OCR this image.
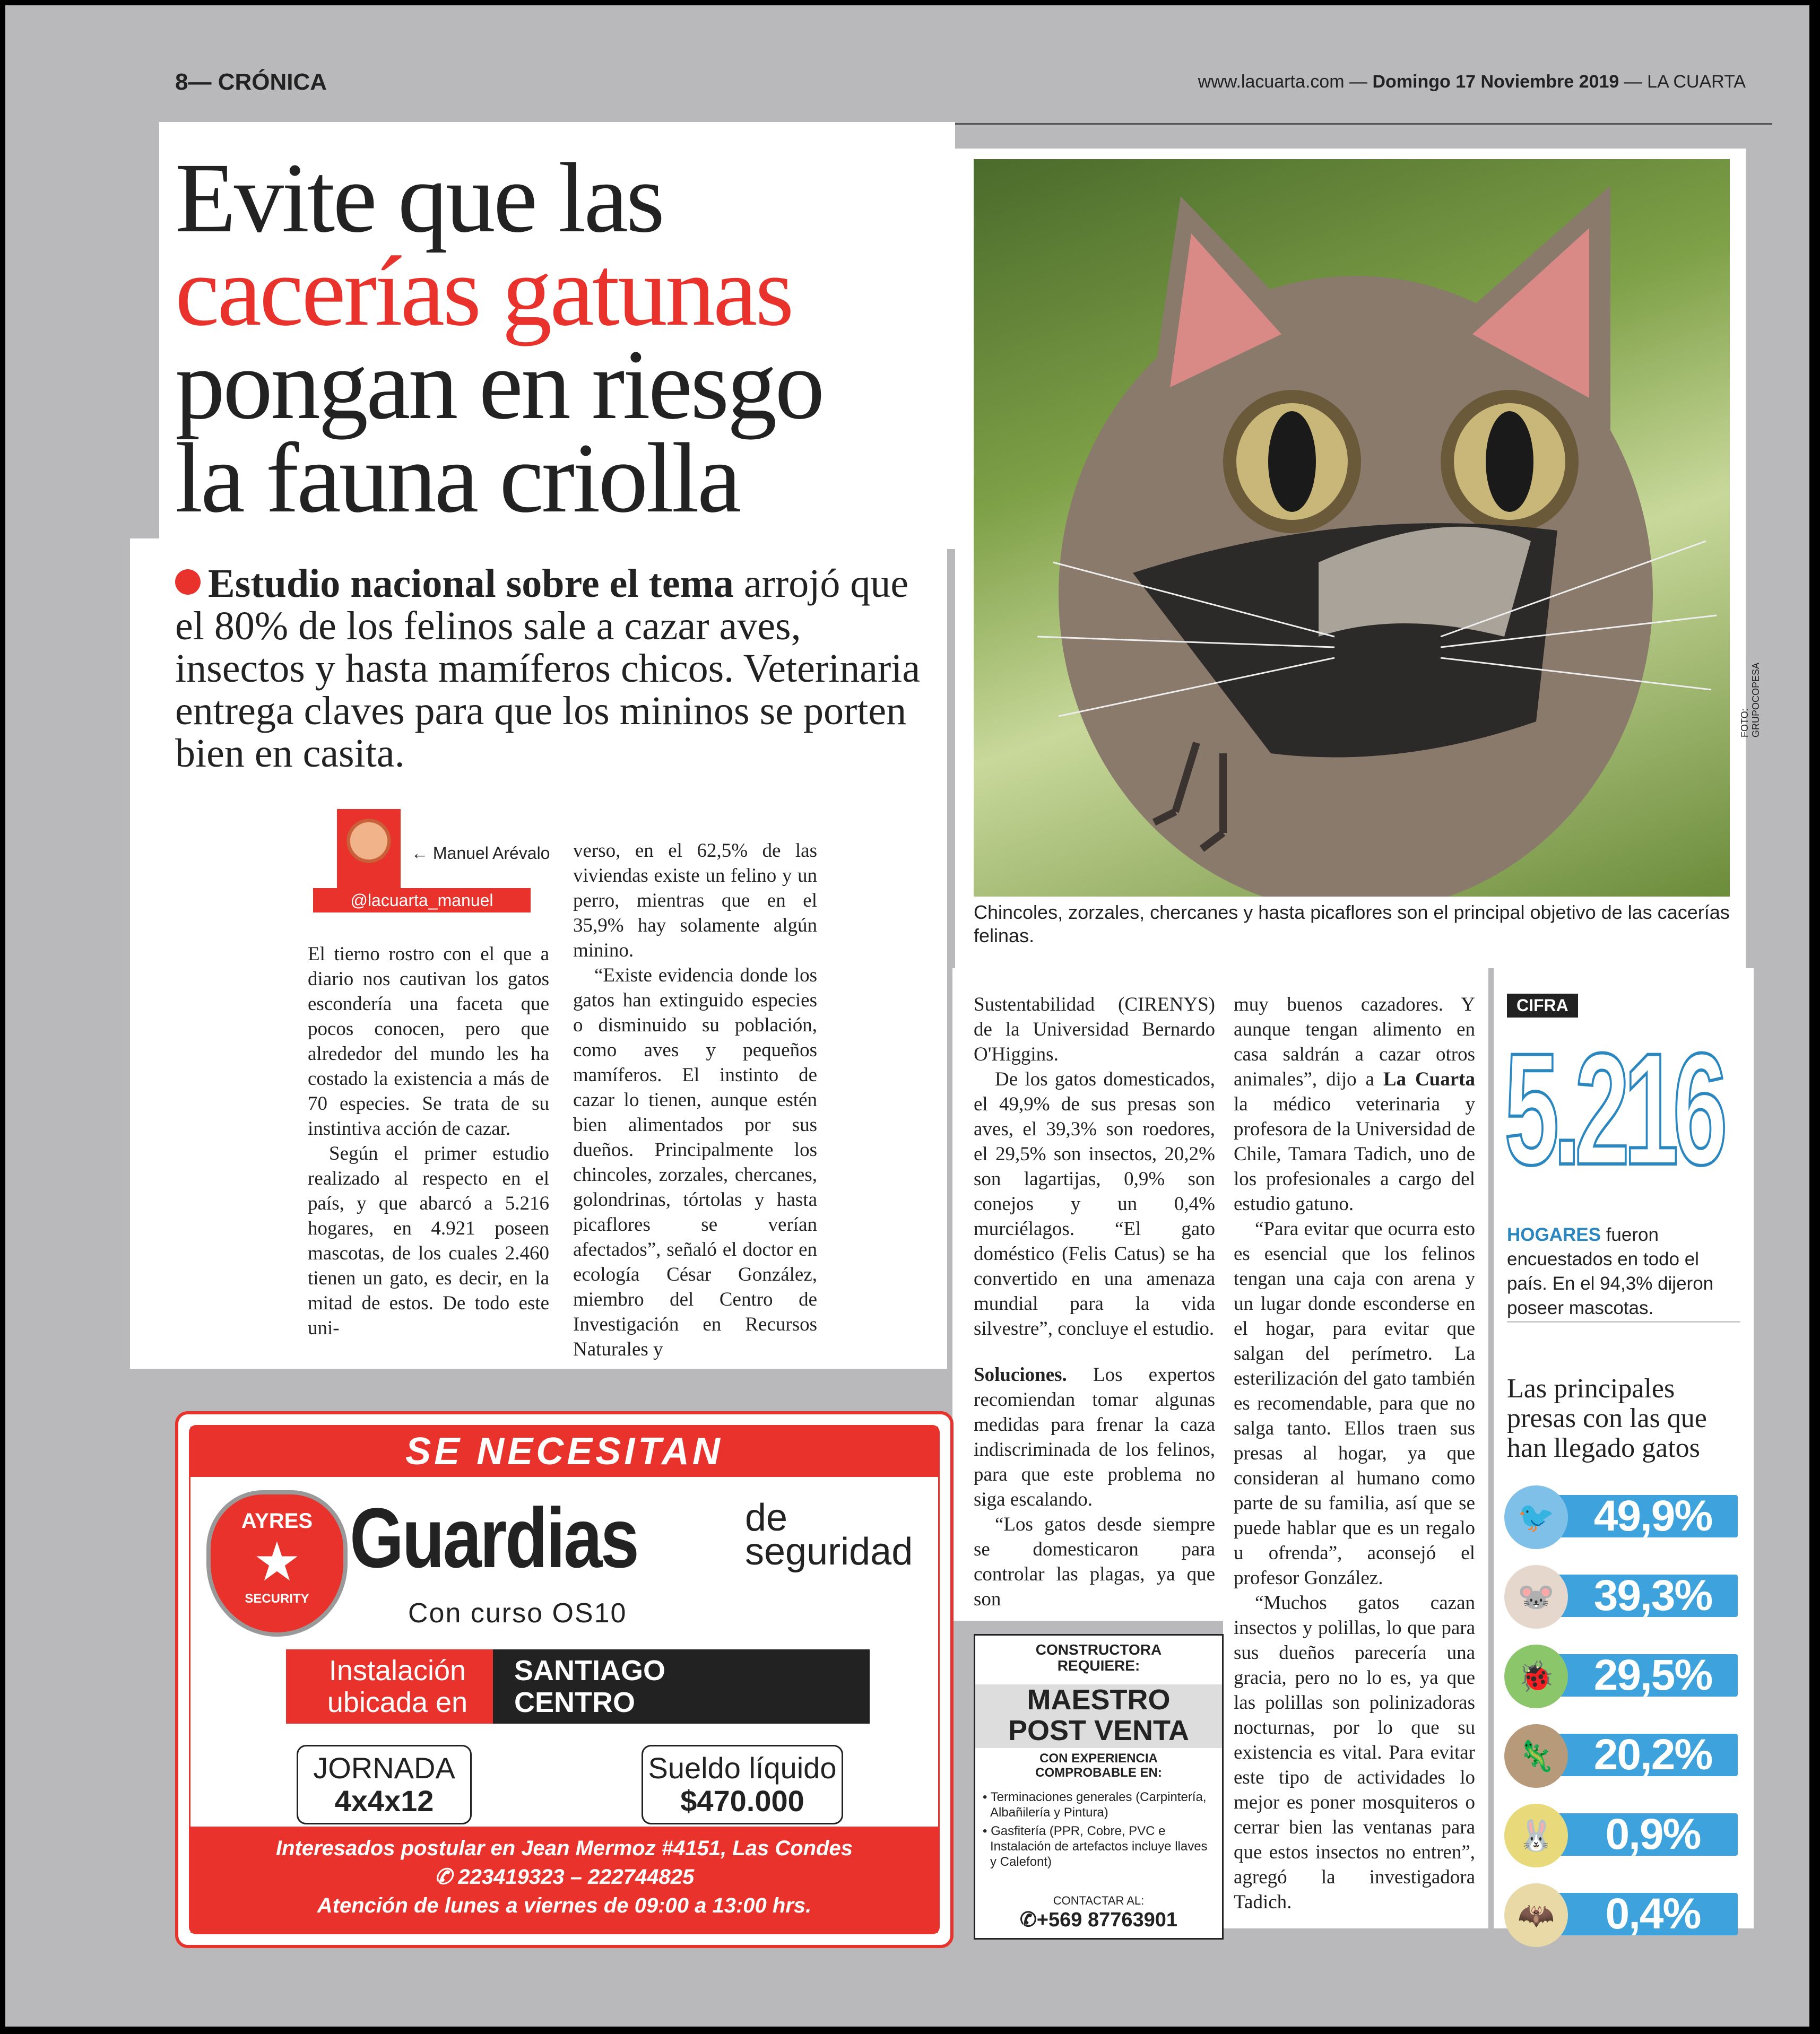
8— CRÓNICA	www.lacuarta.com — Domingo 17 Noviembre 2019 — LA CUARTA
Evite que las
cacerías gatunas
pongan en riesgo
la fauna criolla
Estudio nacional sobre el tema arrojó que el 80% de los felinos sale a cazar aves, insectos y hasta mamíferos chicos. Veterinaria entrega claves para que los mininos se porten bien en casita.
← Manuel Arévalo
@lacuarta_manuel

El tierno rostro con el que a diario nos cautivan los gatos escondería una faceta que pocos conocen, pero que alrededor del mundo les ha costado la existencia a más de 70 especies. Se trata de su instintiva acción de cazar.

Según el primer estudio realizado al respecto en el país, y que abarcó a 5.216 hogares, en 4.921 poseen mascotas, de los cuales 2.460 tienen un gato, es decir, en la mitad de estos. De todo este uni-

verso, en el 62,5% de las viviendas existe un felino y un perro, mientras que en el 35,9% hay solamente algún minino.

“Existe evidencia donde los gatos han extinguido especies o disminuido su población, como aves y pequeños mamíferos. El instinto de cazar lo tienen, aunque estén bien alimentados por sus dueños. Principalmente los chincoles, zorzales, chercanes, golondrinas, tórtolas y hasta picaflores se verían afectados”, señaló el doctor en ecología César González, miembro del Centro de Investigación en Recursos Naturales y

FOTO: GRUPOCOPESA
Chincoles, zorzales, chercanes y hasta picaflores son el principal objetivo de las cacerías felinas.

Sustentabilidad (CIRENYS) de la Universidad Bernardo O'Higgins.

De los gatos domesticados, el 49,9% de sus presas son aves, el 39,3% son roedores, el 29,5% son insectos, 20,2% son lagartijas, 0,9% son conejos y un 0,4% murciélagos. “El gato doméstico (Felis Catus) se ha convertido en una amenaza mundial para la vida silvestre”, concluye el estudio.

Soluciones. Los expertos recomiendan tomar algunas medidas para frenar la caza indiscriminada de los felinos, para que este problema no siga escalando.

“Los gatos desde siempre se domesticaron para controlar las plagas, ya que son

CONSTRUCTORA
REQUIERE:
MAESTRO
POST VENTA
CON EXPERIENCIA
COMPROBABLE EN:
• Terminaciones generales (Carpintería, Albañilería y Pintura)
• Gasfitería (PPR, Cobre, PVC e Instalación de artefactos incluye llaves y Calefont)
CONTACTAR AL:
✆+569 87763901

muy buenos cazadores. Y aunque tengan alimento en casa saldrán a cazar otros animales”, dijo a La Cuarta la médico veterinaria y profesora de la Universidad de Chile, Tamara Tadich, uno de los profesionales a cargo del estudio gatuno.

“Para evitar que ocurra esto es esencial que los felinos tengan una caja con arena y un lugar donde esconderse en el hogar, para evitar que salgan del perímetro. La esterilización del gato también es recomendable, para que no salga tanto. Ellos traen sus presas al hogar, ya que consideran al humano como parte de su familia, así que se puede hablar que es un regalo u ofrenda”, aconsejó el profesor González.

“Muchos gatos cazan insectos y polillas, lo que para sus dueños parecería una gracia, pero no lo es, ya que las polillas son polinizadoras nocturnas, por lo que su existencia es vital. Para evitar este tipo de actividades lo mejor es poner mosquiteros o cerrar bien las ventanas para que estos insectos no entren”, agregó la investigadora Tadich.

CIFRA
5.216
HOGARES fueron encuestados en todo el país. En el 94,3% dijeron poseer mascotas.
Las principales presas con las que han llegado gatos
🐦 49,9%
🐭 39,3%
🐞 29,5%
🦎 20,2%
🐰	0,9%
🦇	0,4%
SE NECESITAN
AYRES
★
SECURITY
Guardias	de
seguridad
Con curso OS10
Instalación
ubicada en
SANTIAGO
CENTRO
JORNADA
4x4x12
Sueldo líquido
$470.000
Interesados postular en Jean Mermoz #4151, Las Condes
✆ 223419323 – 222744825
Atención de lunes a viernes de 09:00 a 13:00 hrs.
